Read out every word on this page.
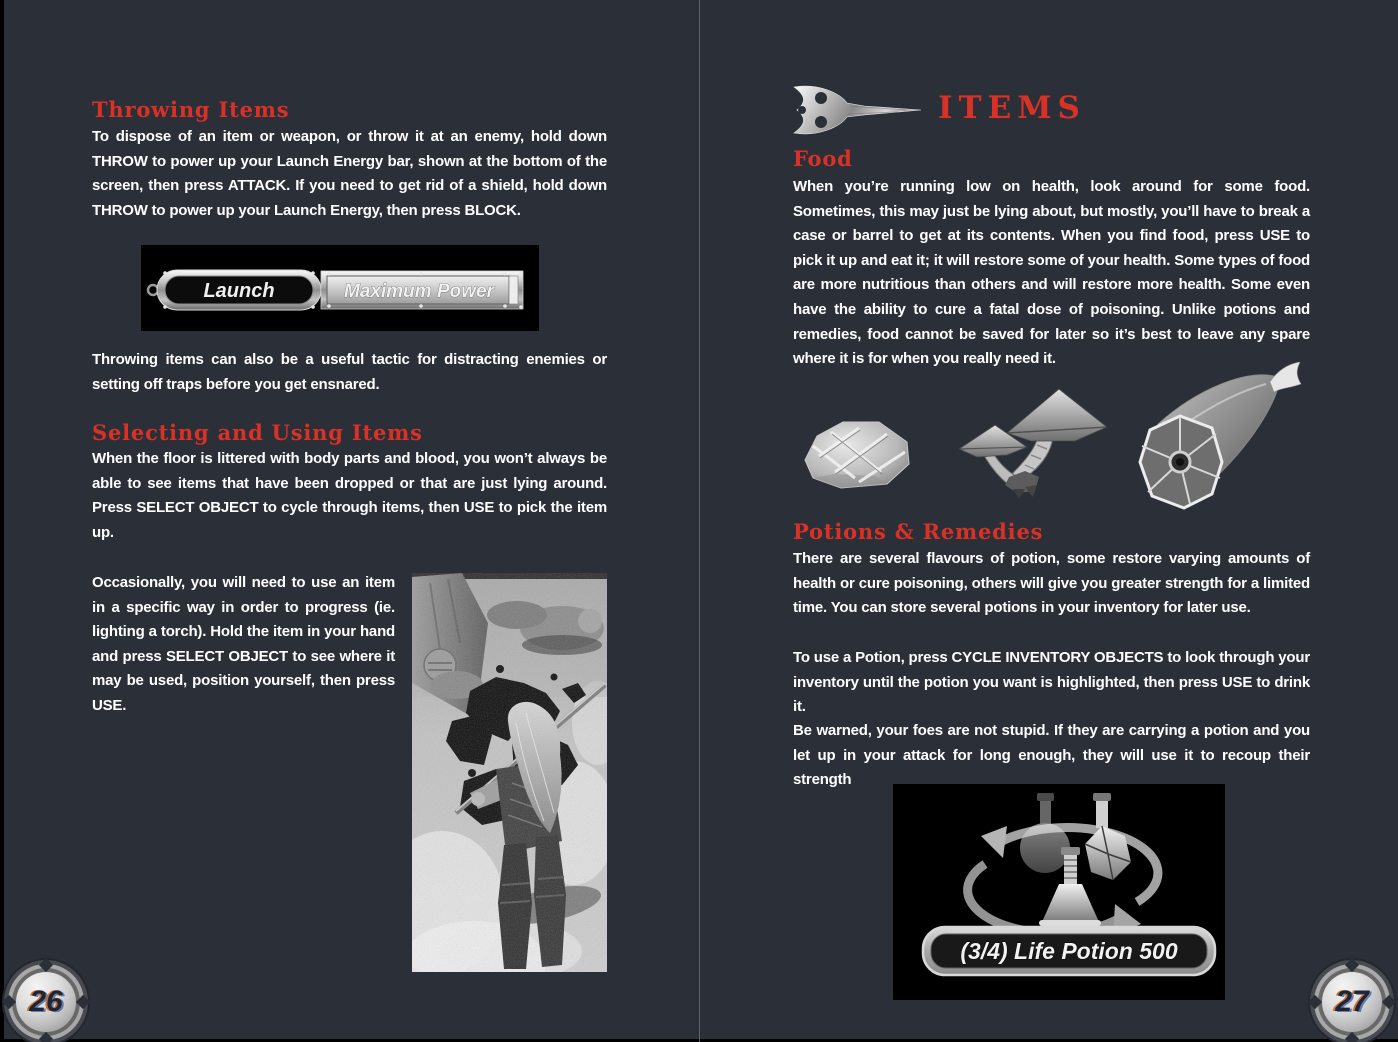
Throwing Items
To dispose of an item or weapon, or throw it at an enemy, hold down THROW to power up your Launch Energy bar, shown at the bottom of the screen, then press ATTACK. If you need to get rid of a shield, hold down THROW to power up your Launch Energy, then press BLOCK.
Launch	Maximum Power
Throwing items can also be a useful tactic for distracting enemies or setting off traps before you get ensnared.
Selecting and Using Items
When the floor is littered with body parts and blood, you won’t always be able to see items that have been dropped or that are just lying around. Press SELECT OBJECT to cycle through items, then USE to pick the item up.
Occasionally, you will need to use an item in a specific way in order to progress (ie. lighting a torch). Hold the item in your hand and press SELECT OBJECT to see where it may be used, position yourself, then press USE.
26
ITEMS
Food
When you’re running low on health, look around for some food. Sometimes, this may just be lying about, but mostly, you’ll have to break a case or barrel to get at its contents. When you find food, press USE to pick it up and eat it; it will restore some of your health. Some types of food are more nutritious than others and will restore more health. Some even have the ability to cure a fatal dose of poisoning. Unlike potions and remedies, food cannot be saved for later so it’s best to leave any spare where it is for when you really need it.
Potions & Remedies
There are several flavours of potion, some restore varying amounts of health or cure poisoning, others will give you greater strength for a limited time. You can store several potions in your inventory for later use.
To use a Potion, press CYCLE INVENTORY OBJECTS to look through your inventory until the potion you want is highlighted, then press USE to drink it.
Be warned, your foes are not stupid. If they are carrying a potion and you let up in your attack for long enough, they will use it to recoup their strength
(3/4) Life Potion 500
27
